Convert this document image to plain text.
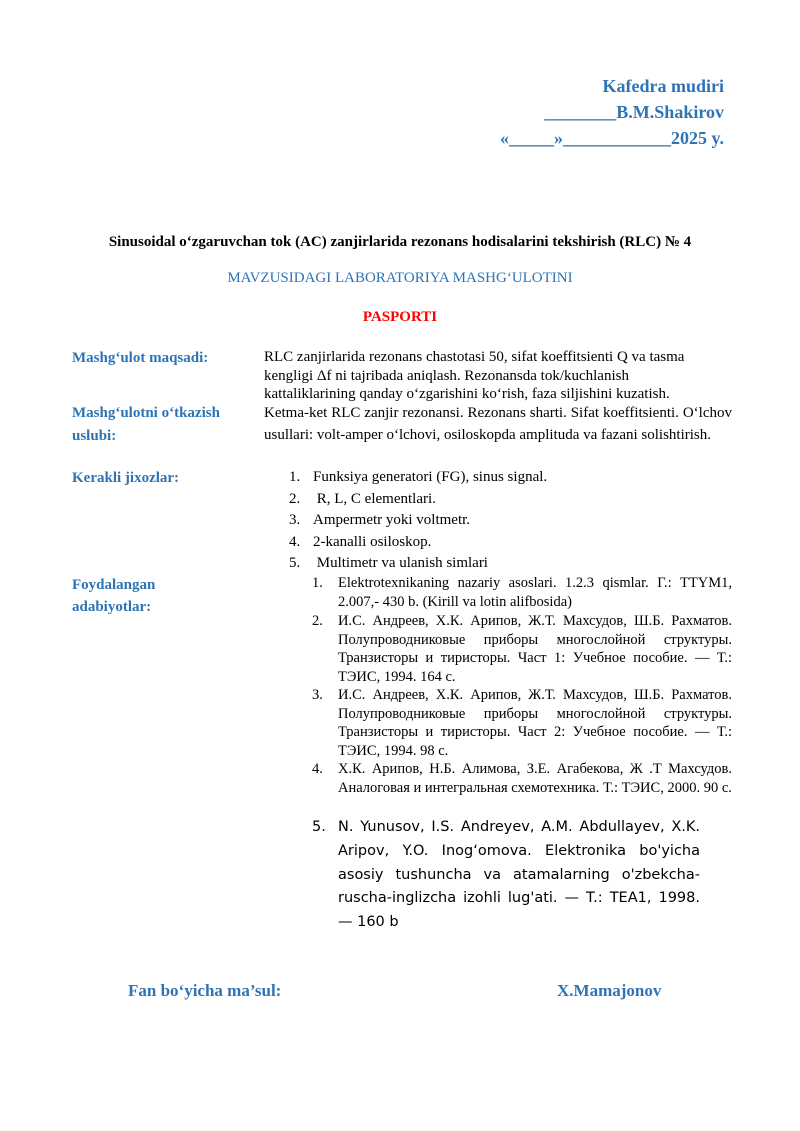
Kafedra mudiri
________B.M.Shakirov
«_____»____________2025 y.
Sinusoidal o‘zgaruvchan tok (AC) zanjirlarida rezonans hodisalarini tekshirish (RLC) № 4
MAVZUSIDAGI LABORATORIYA MASHG‘ULOTINI
PASPORTI
Mashg‘ulot maqsadi:	RLC zanjirlarida rezonans chastotasi 50, sifat koeffitsienti Q va tasma kengligi Δf ni tajribada aniqlash. Rezonansda tok/kuchlanish kattaliklarining qanday o‘zgarishini ko‘rish, faza siljishini kuzatish.
Mashg‘ulotni o‘tkazish
uslubi:
Ketma-ket RLC zanjir rezonansi. Rezonans sharti. Sifat koeffitsienti. O‘lchov usullari: volt-amper o‘lchovi, osiloskopda amplituda va fazani solishtirish.
Kerakli jixozlar:	1. Funksiya generatori (FG), sinus signal.
2. R, L, C elementlari.
3. Ampermetr yoki voltmetr.
4. 2-kanalli osiloskop.
5. Multimetr va ulanish simlari
Foydalangan
adabiyotlar:
1. Elektrotexnikaning nazariy asoslari. 1.2.3 qismlar. Г.: ТТYМ1, 2.007,- 430 b. (Kirill va lotin alifbosida)
2. И.С. Андреев, Х.К. Арипов, Ж.Т. Махсудов, Ш.Б. Рахматов. Полупроводниковые приборы многослойной структуры. Транзисторы и тиристоры. Част 1: Учебное пособие. — Т.: ТЭИС, 1994. 164 с.
3. И.С. Андреев, Х.К. Арипов, Ж.Т. Махсудов, Ш.Б. Рахматов. Полупроводниковые приборы многослойной структуры. Транзисторы и тиристоры. Част 2: Учебное пособие. — Т.: ТЭИС, 1994. 98 с.
4. Х.К. Арипов, Н.Б. Алимова, З.Е. Агабекова, Ж .Т Махсудов. Аналоговая и интегральная схемотехника. Т.: ТЭИС, 2000. 90 с.
5. N. Yunusov, I.S. Andreyev, A.M. Abdullayev, X.K. Aripov, Y.O. Inog‘omova. Elektronika bo'yicha asosiy tushuncha va atamalarning o'zbekcha-ruscha-inglizcha izohli lug'ati. — T.: TEA1, 1998. — 160 b
Fan bo‘yicha ma’sul:	X.Mamajonov
